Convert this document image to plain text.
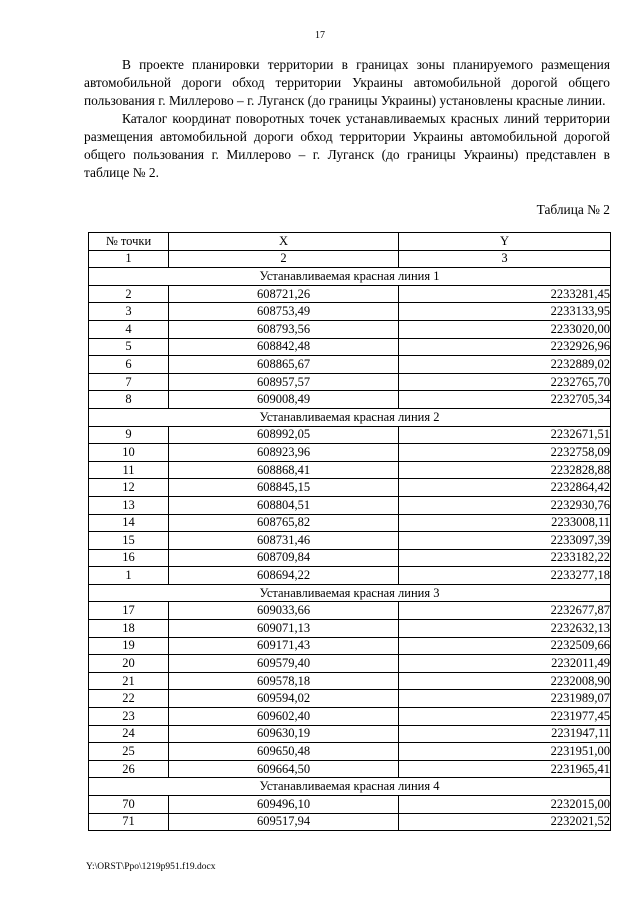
17

В проекте планировки территории в границах зоны планируемого размещения автомобильной дороги обход территории Украины автомобильной дорогой общего пользования г. Миллерово – г. Луганск (до границы Украины) установлены красные линии.

Каталог координат поворотных точек устанавливаемых красных линий территории размещения автомобильной дороги обход территории Украины автомобильной дорогой общего пользования г. Миллерово – г. Луганск (до границы Украины) представлен в таблице № 2.

Таблица № 2
№ точки	X	Y
1	2	3
Устанавливаемая красная линия 1		
2	608721,26	2233281,45
3	608753,49	2233133,95
4	608793,56	2233020,00
5	608842,48	2232926,96
6	608865,67	2232889,02
7	608957,57	2232765,70
8	609008,49	2232705,34
Устанавливаемая красная линия 2		
9	608992,05	2232671,51
10	608923,96	2232758,09
11	608868,41	2232828,88
12	608845,15	2232864,42
13	608804,51	2232930,76
14	608765,82	2233008,11
15	608731,46	2233097,39
16	608709,84	2233182,22
1	608694,22	2233277,18
Устанавливаемая красная линия 3		
17	609033,66	2232677,87
18	609071,13	2232632,13
19	609171,43	2232509,66
20	609579,40	2232011,49
21	609578,18	2232008,90
22	609594,02	2231989,07
23	609602,40	2231977,45
24	609630,19	2231947,11
25	609650,48	2231951,00
26	609664,50	2231965,41
Устанавливаемая красная линия 4		
70	609496,10	2232015,00
71	609517,94	2232021,52
Y:\ORST\Ppo\1219p951.f19.docx
